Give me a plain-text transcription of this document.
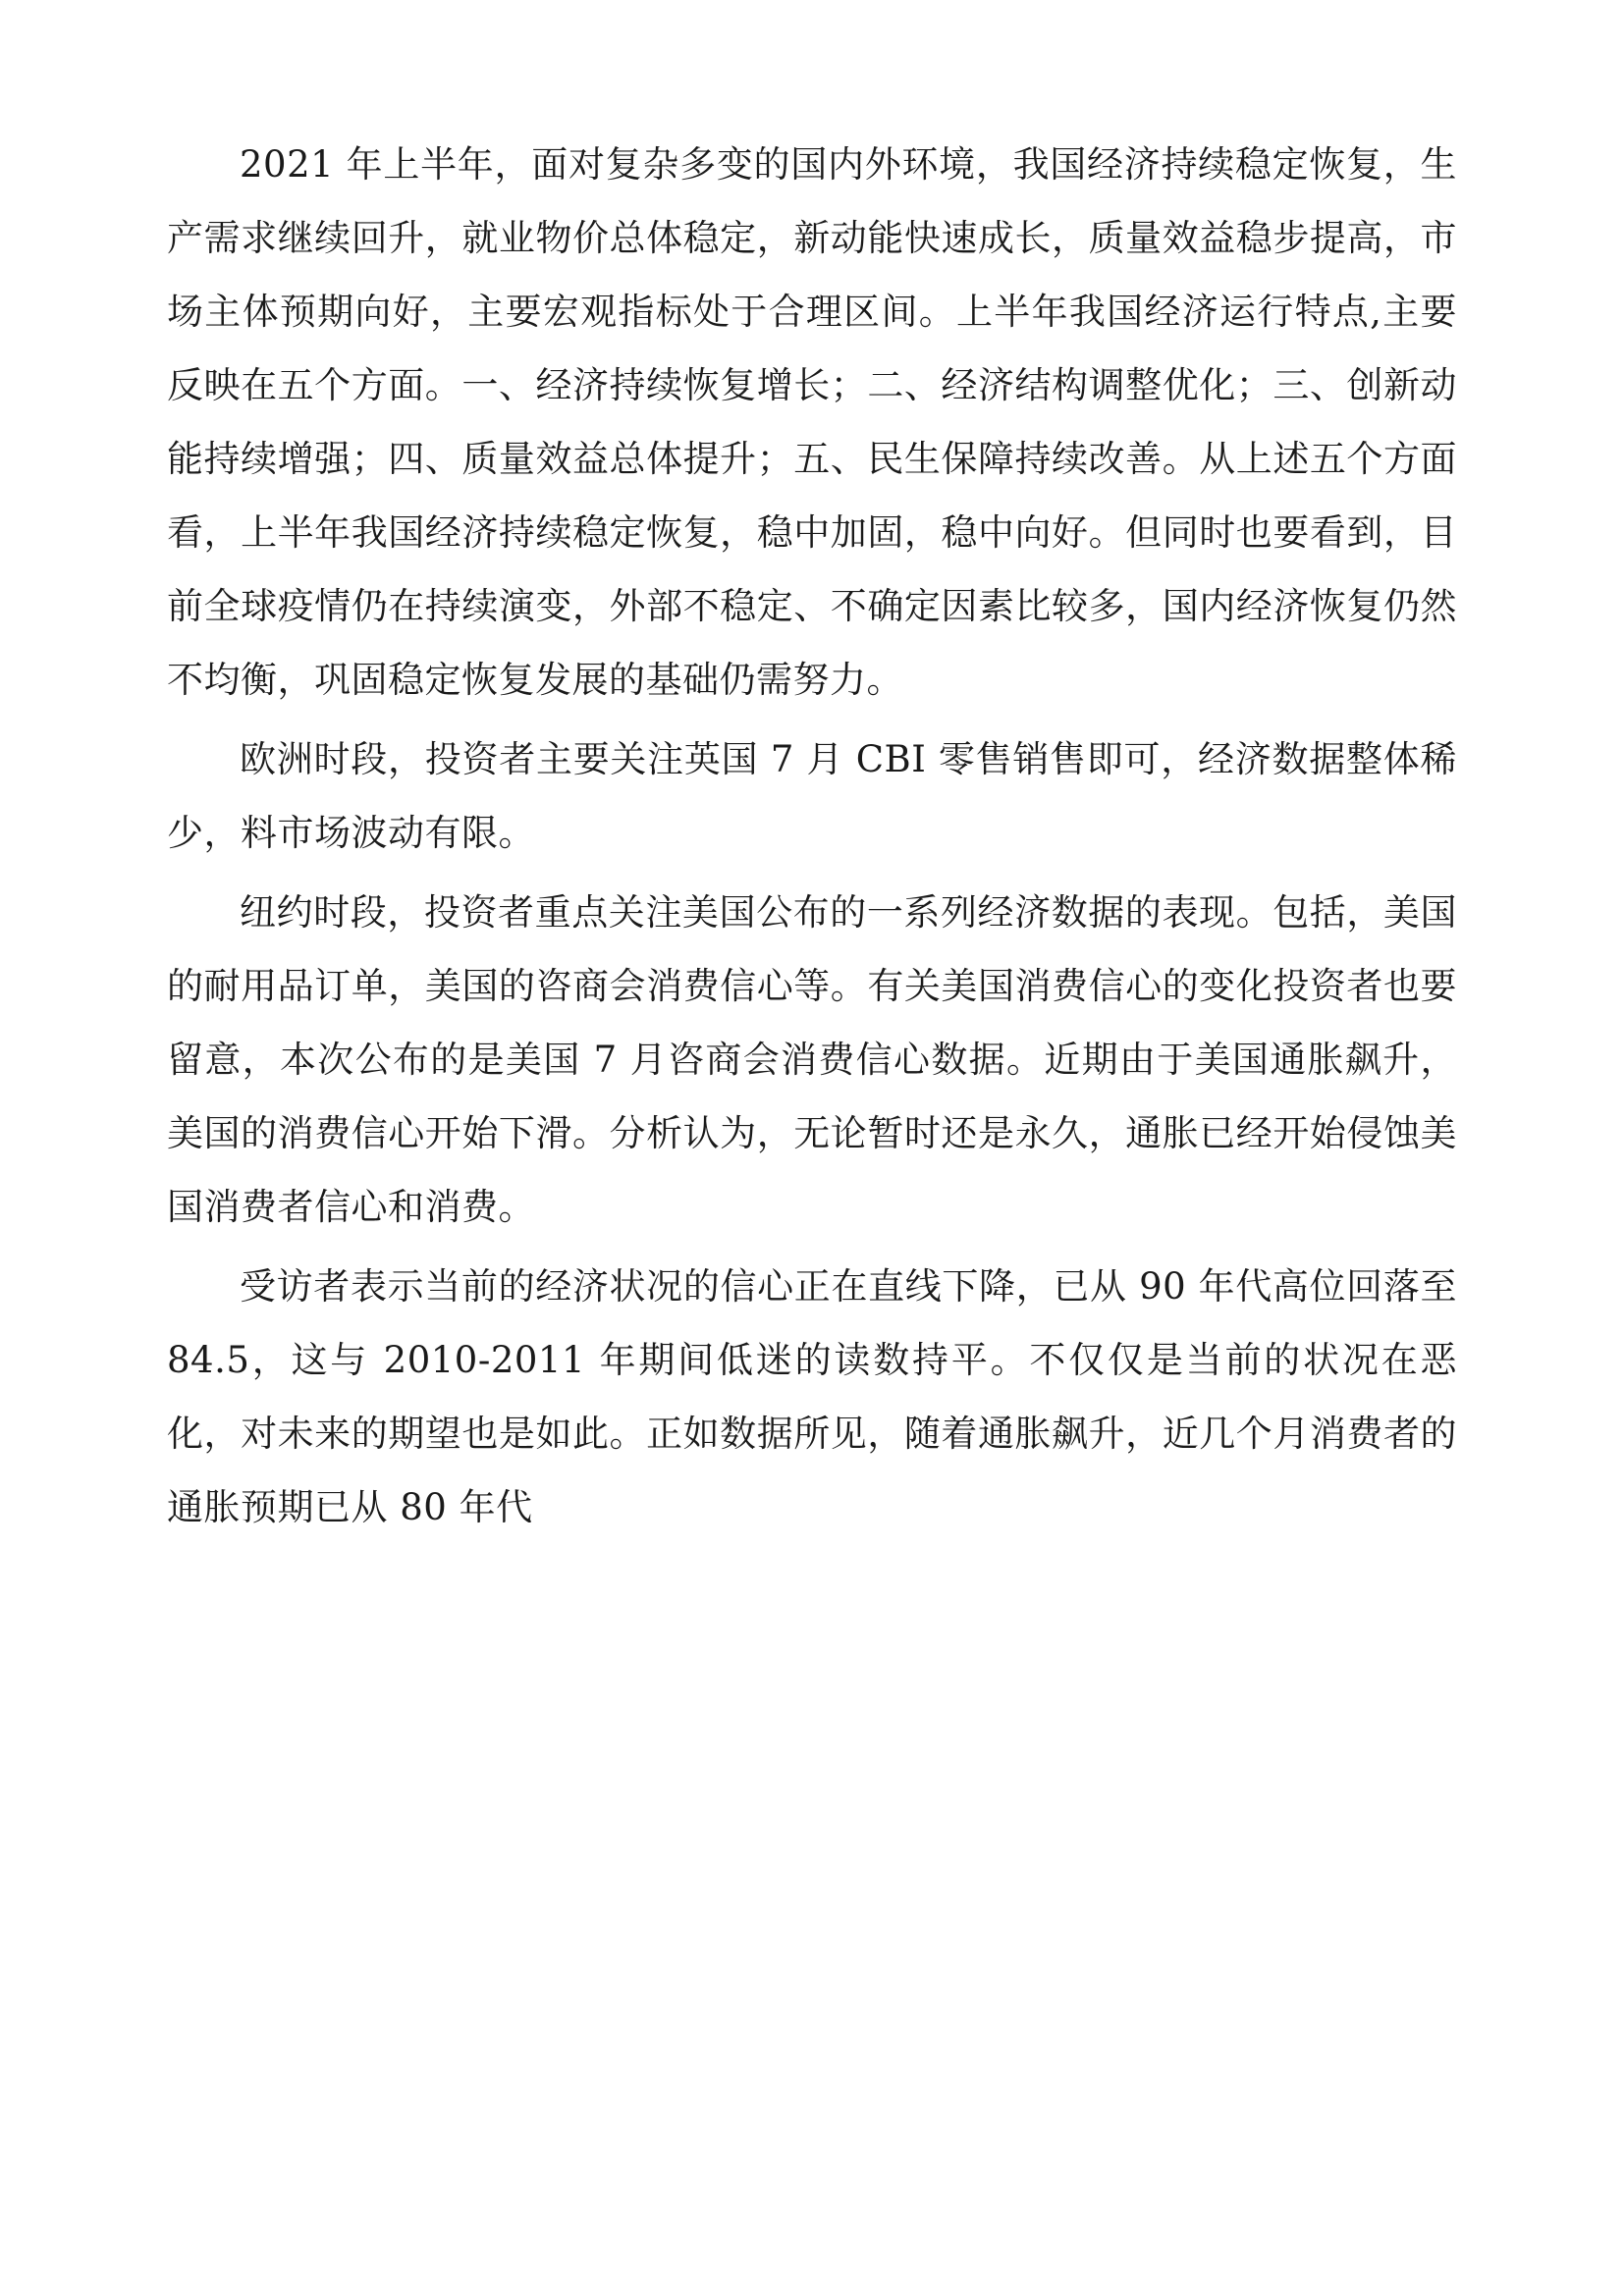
2021 年上半年，面对复杂多变的国内外环境，我国经济持续稳定恢复，生产需求继续回升，就业物价总体稳定，新动能快速成长，质量效益稳步提高，市场主体预期向好，主要宏观指标处于合理区间。上半年我国经济运行特点,主要反映在五个方面。一、经济持续恢复增长；二、经济结构调整优化；三、创新动能持续增强；四、质量效益总体提升；五、民生保障持续改善。从上述五个方面看，上半年我国经济持续稳定恢复，稳中加固，稳中向好。但同时也要看到，目前全球疫情仍在持续演变，外部不稳定、不确定因素比较多，国内经济恢复仍然不均衡，巩固稳定恢复发展的基础仍需努力。

欧洲时段，投资者主要关注英国 7 月 CBI 零售销售即可，经济数据整体稀少，料市场波动有限。

纽约时段，投资者重点关注美国公布的一系列经济数据的表现。包括，美国的耐用品订单，美国的咨商会消费信心等。有关美国消费信心的变化投资者也要留意，本次公布的是美国 7 月咨商会消费信心数据。近期由于美国通胀飙升，美国的消费信心开始下滑。分析认为，无论暂时还是永久，通胀已经开始侵蚀美国消费者信心和消费。

受访者表示当前的经济状况的信心正在直线下降，已从 90 年代高位回落至 84.5，这与 2010-2011 年期间低迷的读数持平。不仅仅是当前的状况在恶化，对未来的期望也是如此。正如数据所见，随着通胀飙升，近几个月消费者的通胀预期已从 80 年代
